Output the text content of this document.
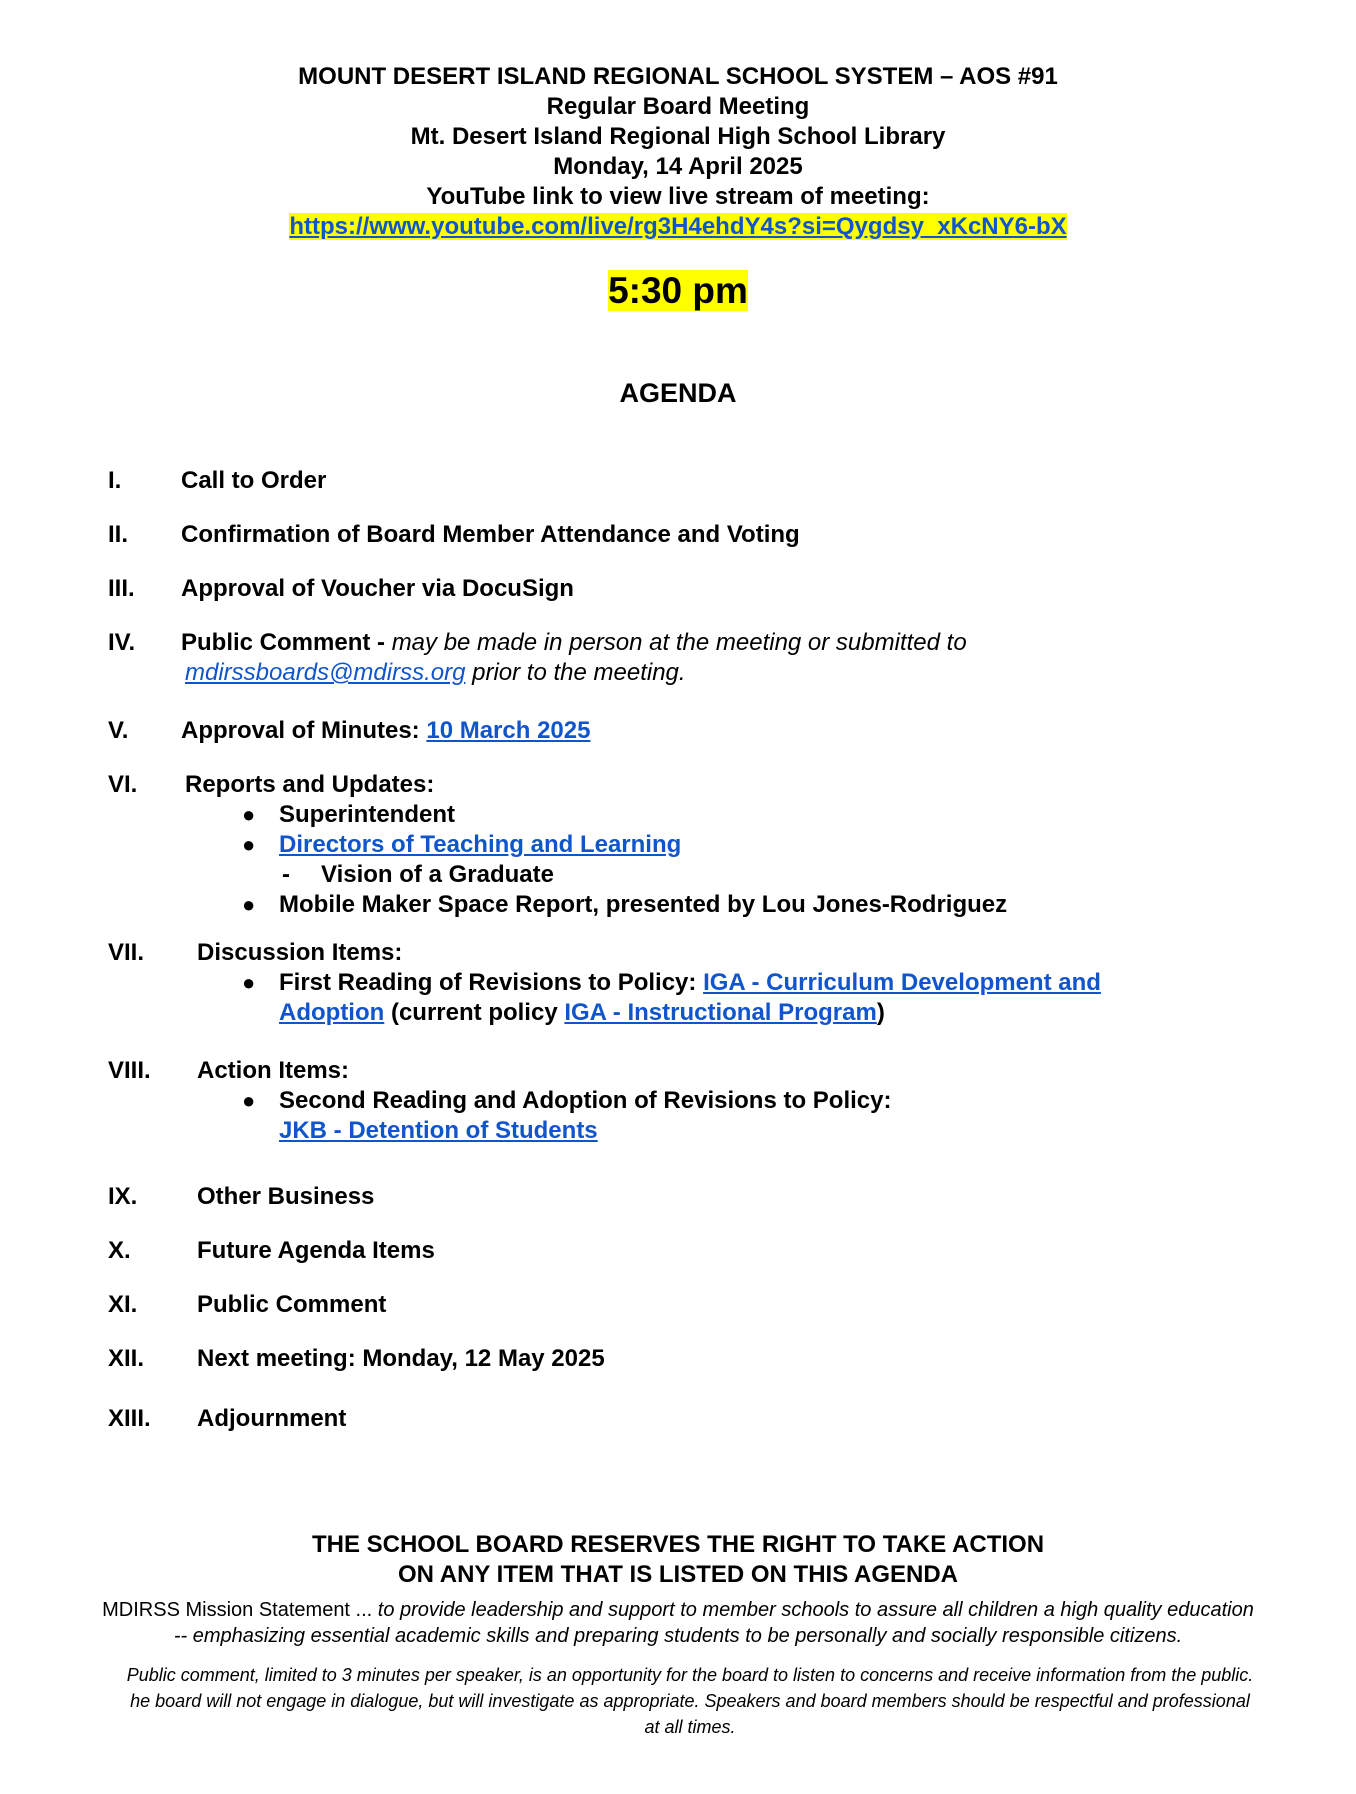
MOUNT DESERT ISLAND REGIONAL SCHOOL SYSTEM – AOS #91
Regular Board Meeting
Mt. Desert Island Regional High School Library
Monday, 14 April 2025
YouTube link to view live stream of meeting:
https://www.youtube.com/live/rg3H4ehdY4s?si=Qygdsy_xKcNY6-bX
5:30 pm
AGENDA
I. Call to Order
II. Confirmation of Board Member Attendance and Voting
III. Approval of Voucher via DocuSign
IV. Public Comment - may be made in person at the meeting or submitted to
mdirssboards@mdirss.org prior to the meeting.
V. Approval of Minutes: 10 March 2025
VI. Reports and Updates:
● Superintendent
● Directors of Teaching and Learning
- Vision of a Graduate
● Mobile Maker Space Report, presented by Lou Jones-Rodriguez
VII. Discussion Items:
● First Reading of Revisions to Policy: IGA - Curriculum Development and
Adoption (current policy IGA - Instructional Program)
VIII. Action Items:
● Second Reading and Adoption of Revisions to Policy:
JKB - Detention of Students
IX. Other Business
X.	Future Agenda Items
XI. Public Comment
XII. Next meeting: Monday, 12 May 2025
XIII. Adjournment
THE SCHOOL BOARD RESERVES THE RIGHT TO TAKE ACTION
ON ANY ITEM THAT IS LISTED ON THIS AGENDA
MDIRSS Mission Statement ... to provide leadership and support to member schools to assure all children a high quality education
-- emphasizing essential academic skills and preparing students to be personally and socially responsible citizens.
Public comment, limited to 3 minutes per speaker, is an opportunity for the board to listen to concerns and receive information from the public.
he board will not engage in dialogue, but will investigate as appropriate. Speakers and board members should be respectful and professional
at all times.
